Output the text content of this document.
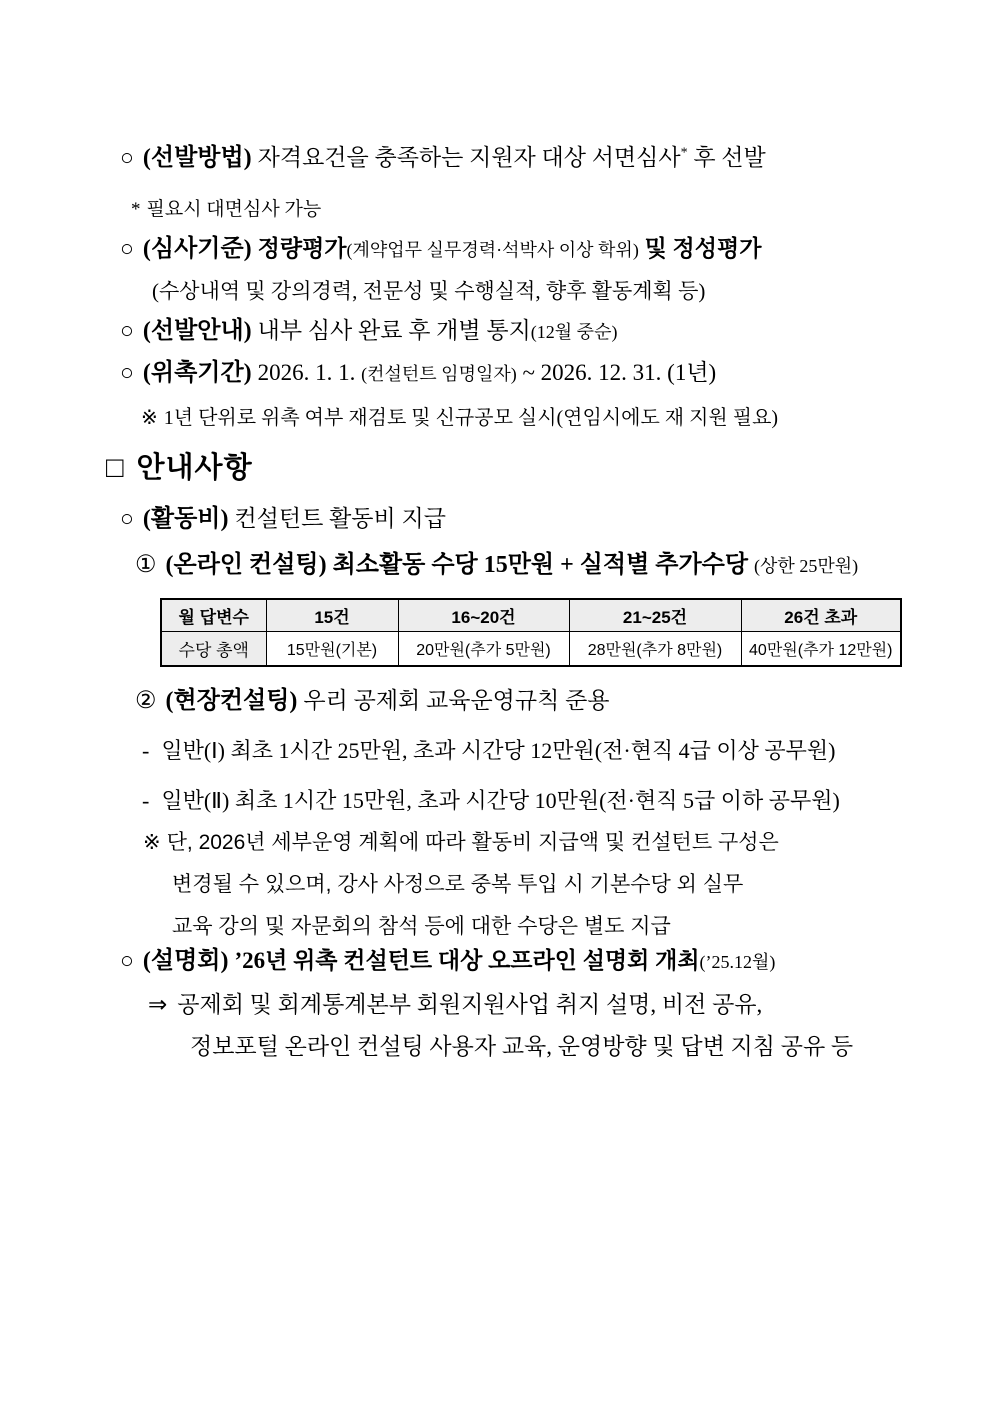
○ (선발방법) 자격요건을 충족하는 지원자 대상 서면심사* 후 선발
* 필요시 대면심사 가능
○ (심사기준) 정량평가(계약업무 실무경력·석박사 이상 학위) 및 정성평가
(수상내역 및 강의경력, 전문성 및 수행실적, 향후 활동계획 등)
○ (선발안내) 내부 심사 완료 후 개별 통지(12월 중순)
○ (위촉기간) 2026. 1. 1. (컨설턴트 임명일자) ~ 2026. 12. 31. (1년)
※ 1년 단위로 위촉 여부 재검토 및 신규공모 실시(연임시에도 재 지원 필요)
□ 안내사항
○ (활동비) 컨설턴트 활동비 지급
① (온라인 컨설팅) 최소활동 수당 15만원 + 실적별 추가수당 (상한 25만원)
월 답변수	15건	16~20건	21~25건	26건 초과
수당 총액	15만원(기본)	20만원(추가 5만원)	28만원(추가 8만원)	40만원(추가 12만원)
② (현장컨설팅) 우리 공제회 교육운영규칙 준용
- 일반(Ⅰ) 최초 1시간 25만원, 초과 시간당 12만원(전·현직 4급 이상 공무원)
- 일반(Ⅱ) 최초 1시간 15만원, 초과 시간당 10만원(전·현직 5급 이하 공무원)
※ 단, 2026년 세부운영 계획에 따라 활동비 지급액 및 컨설턴트 구성은
변경될 수 있으며, 강사 사정으로 중복 투입 시 기본수당 외 실무
교육 강의 및 자문회의 참석 등에 대한 수당은 별도 지급
○ (설명회) ’26년 위촉 컨설턴트 대상 오프라인 설명회 개최(’25.12월)
⇒ 공제회 및 회계통계본부 회원지원사업 취지 설명, 비전 공유,
정보포털 온라인 컨설팅 사용자 교육, 운영방향 및 답변 지침 공유 등
